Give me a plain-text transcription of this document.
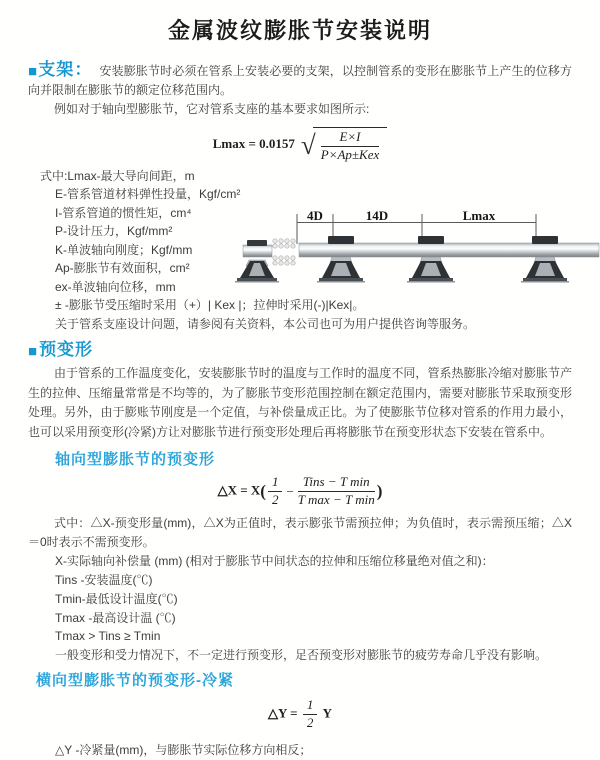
金属波纹膨胀节安装说明

■支架： 安装膨胀节时必须在管系上安装必要的支架，以控制管系的变形在膨胀节上产生的位移方向并限制在膨胀节的额定位移范围内。

例如对于轴向型膨胀节，它对管系支座的基本要求如图所示:

Lmax = 0.0157 √ $\frac{E\times I}{\text{P×Ap±Kex}}$
式中:Lmax-最大导向间距，m
E-管系管道材料弹性投量，Kgf/cm²
I-管系管道的惯性矩，cm⁴
P-设计压力，Kgf/mm²
K-单波轴向刚度；Kgf/mm
Ap-膨胀节有效面积，cm²
ex-单波轴向位移，mm
± -膨胀节受压缩时采用（+）| Kex |；拉伸时采用(-)|Kex|。
关于管系支座设计问题，请参阅有关资料，本公司也可为用户提供咨询等服务。
4D	14D	Lmax
■预变形

由于管系的工作温度变化，安装膨胀节时的温度与工作时的温度不同，管系热膨胀冷缩对膨胀节产生的拉伸、压缩量常常是不均等的，为了膨胀节变形范围控制在额定范围内，需要对膨胀节采取预变形处理。另外，由于膨账节刚度是一个定值，与补偿量成正比。为了使膨胀节位移对管系的作用力最小，也可以采用预变形(冷紧)方让对膨胀节进行预变形处理后再将膨胀节在预变形状态下安装在管系中。

轴向型膨胀节的预变形
△X = $X( \frac{1}{2} - \frac{\text{Tins − T min}}{\text{T max − T min}}$ )

式中：△X-预变形量(mm)，△X为正值时，表示膨张节需预拉伸；为负值时，表示需预压缩；△X＝0时表示不需预变形。

X-实际轴向补偿量 (mm) (相对于膨胀节中间状态的拉伸和压缩位移量绝对值之和)：
Tins -安装温度(℃)
Tmin-最低设计温度(℃)
Tmax -最高设计温 (℃)
Tmax > Tins ≥ Tmin
一般变形和受力情况下，不一定进行预变形，足否预变形对膨胀节的疲劳寿命几乎没有影响。
横向型膨胀节的预变形-冷紧
△Y = $\frac{1}{2}$ Y
△Y -冷紧量(mm)，与膨胀节实际位移方向相反；
